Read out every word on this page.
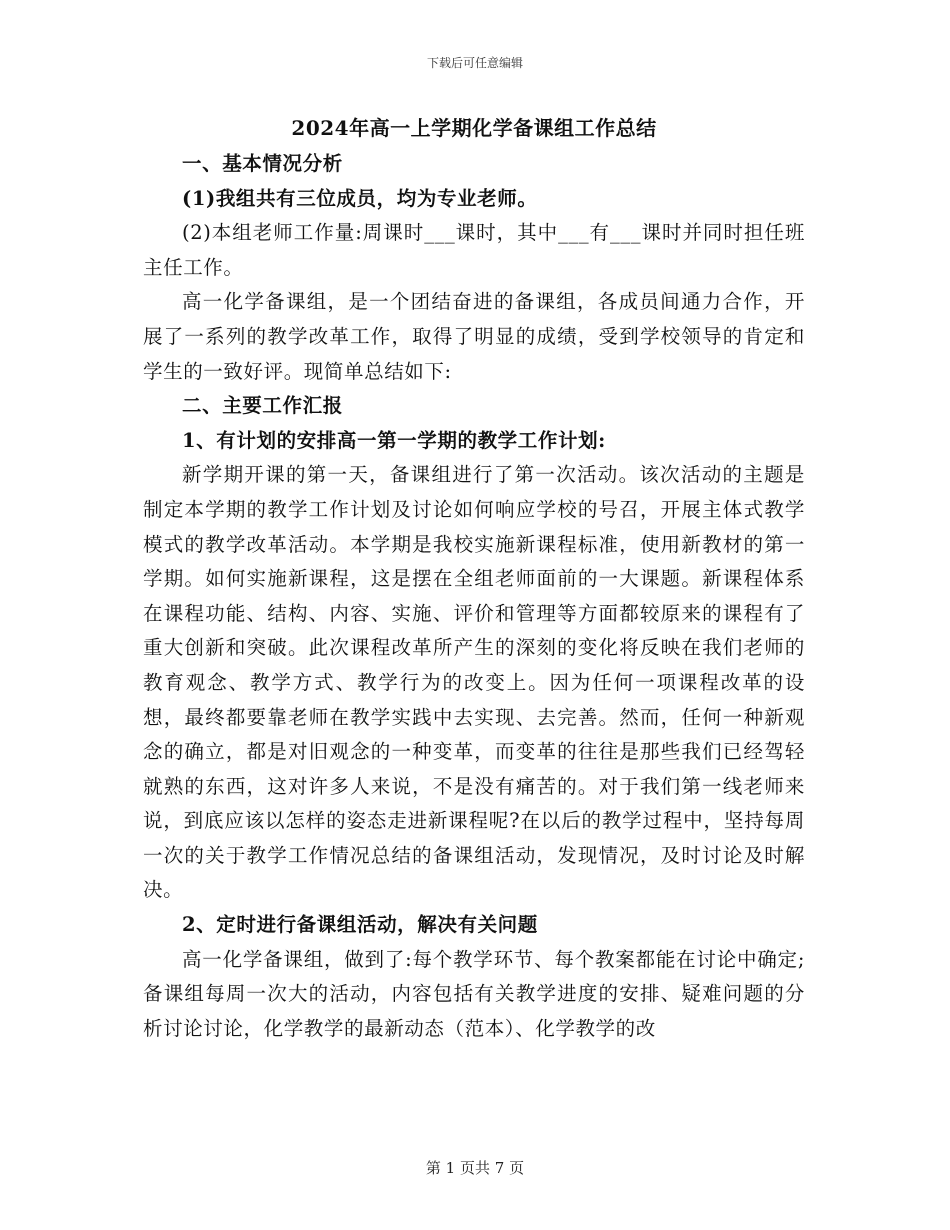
下载后可任意编辑
2024年高一上学期化学备课组工作总结

一、基本情况分析

(1)我组共有三位成员，均为专业老师。

(2)本组老师工作量:周课时___课时，其中___有___课时并同时担任班主任工作。

高一化学备课组，是一个团结奋进的备课组，各成员间通力合作，开展了一系列的教学改革工作，取得了明显的成绩，受到学校领导的肯定和学生的一致好评。现简单总结如下:

二、主要工作汇报

1、有计划的安排高一第一学期的教学工作计划:

新学期开课的第一天，备课组进行了第一次活动。该次活动的主题是制定本学期的教学工作计划及讨论如何响应学校的号召，开展主体式教学模式的教学改革活动。本学期是我校实施新课程标准，使用新教材的第一学期。如何实施新课程，这是摆在全组老师面前的一大课题。新课程体系在课程功能、结构、内容、实施、评价和管理等方面都较原来的课程有了重大创新和突破。此次课程改革所产生的深刻的变化将反映在我们老师的教育观念、教学方式、教学行为的改变上。因为任何一项课程改革的设想，最终都要靠老师在教学实践中去实现、去完善。然而，任何一种新观念的确立，都是对旧观念的一种变革，而变革的往往是那些我们已经驾轻就熟的东西，这对许多人来说，不是没有痛苦的。对于我们第一线老师来说，到底应该以怎样的姿态走进新课程呢?在以后的教学过程中，坚持每周一次的关于教学工作情况总结的备课组活动，发现情况，及时讨论及时解决。

2、定时进行备课组活动，解决有关问题

高一化学备课组，做到了:每个教学环节、每个教案都能在讨论中确定;备课组每周一次大的活动，内容包括有关教学进度的安排、疑难问题的分析讨论讨论，化学教学的最新动态（范本）、化学教学的改

第 1 页共 7 页
